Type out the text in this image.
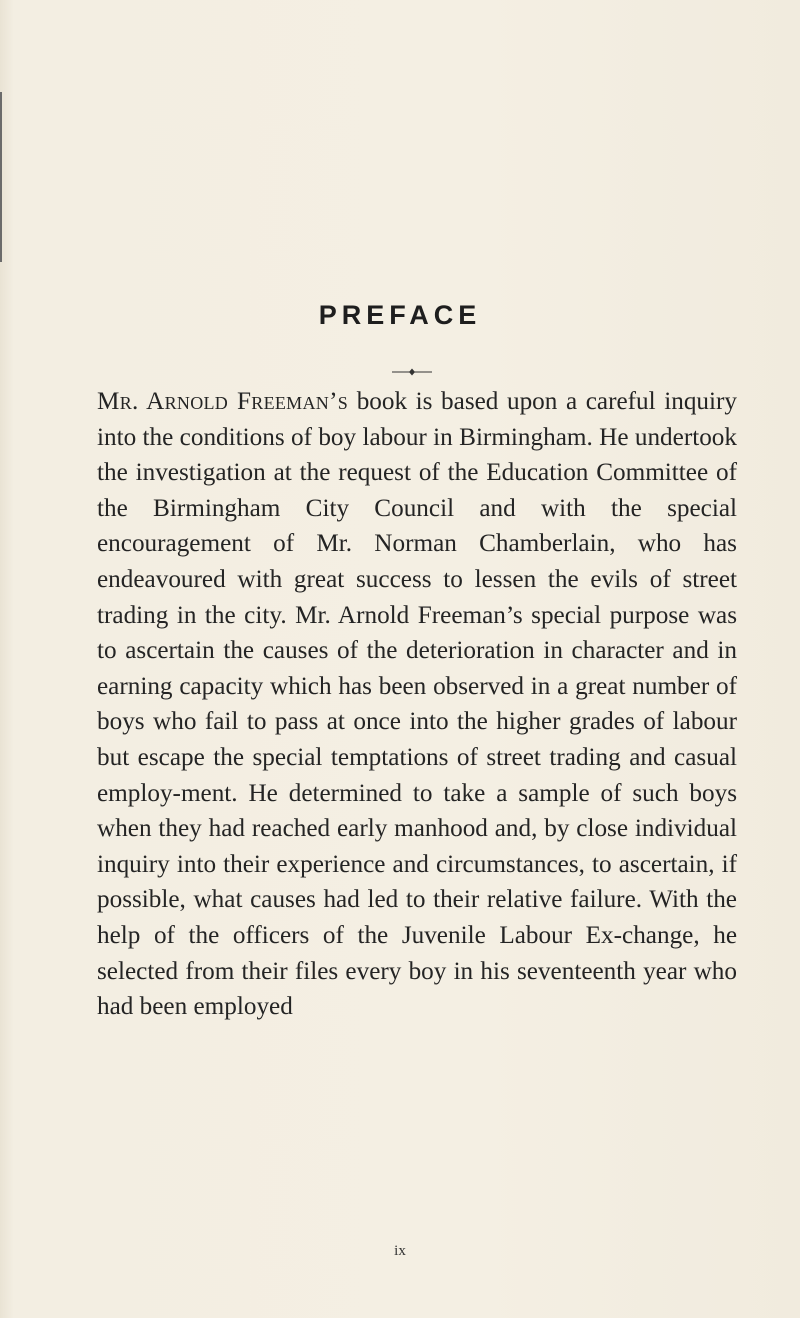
PREFACE

Mr. Arnold Freeman’s book is based upon a careful inquiry into the conditions of boy labour in Birmingham. He undertook the investigation at the request of the Education Committee of the Birmingham City Council and with the special encouragement of Mr. Norman Chamberlain, who has endeavoured with great success to lessen the evils of street trading in the city. Mr. Arnold Freeman’s special purpose was to ascertain the causes of the deterioration in character and in earning capacity which has been observed in a great number of boys who fail to pass at once into the higher grades of labour but escape the special temptations of street trading and casual employ-ment. He determined to take a sample of such boys when they had reached early manhood and, by close individual inquiry into their experience and circumstances, to ascertain, if possible, what causes had led to their relative failure. With the help of the officers of the Juvenile Labour Ex-change, he selected from their files every boy in his seventeenth year who had been employed

ix
